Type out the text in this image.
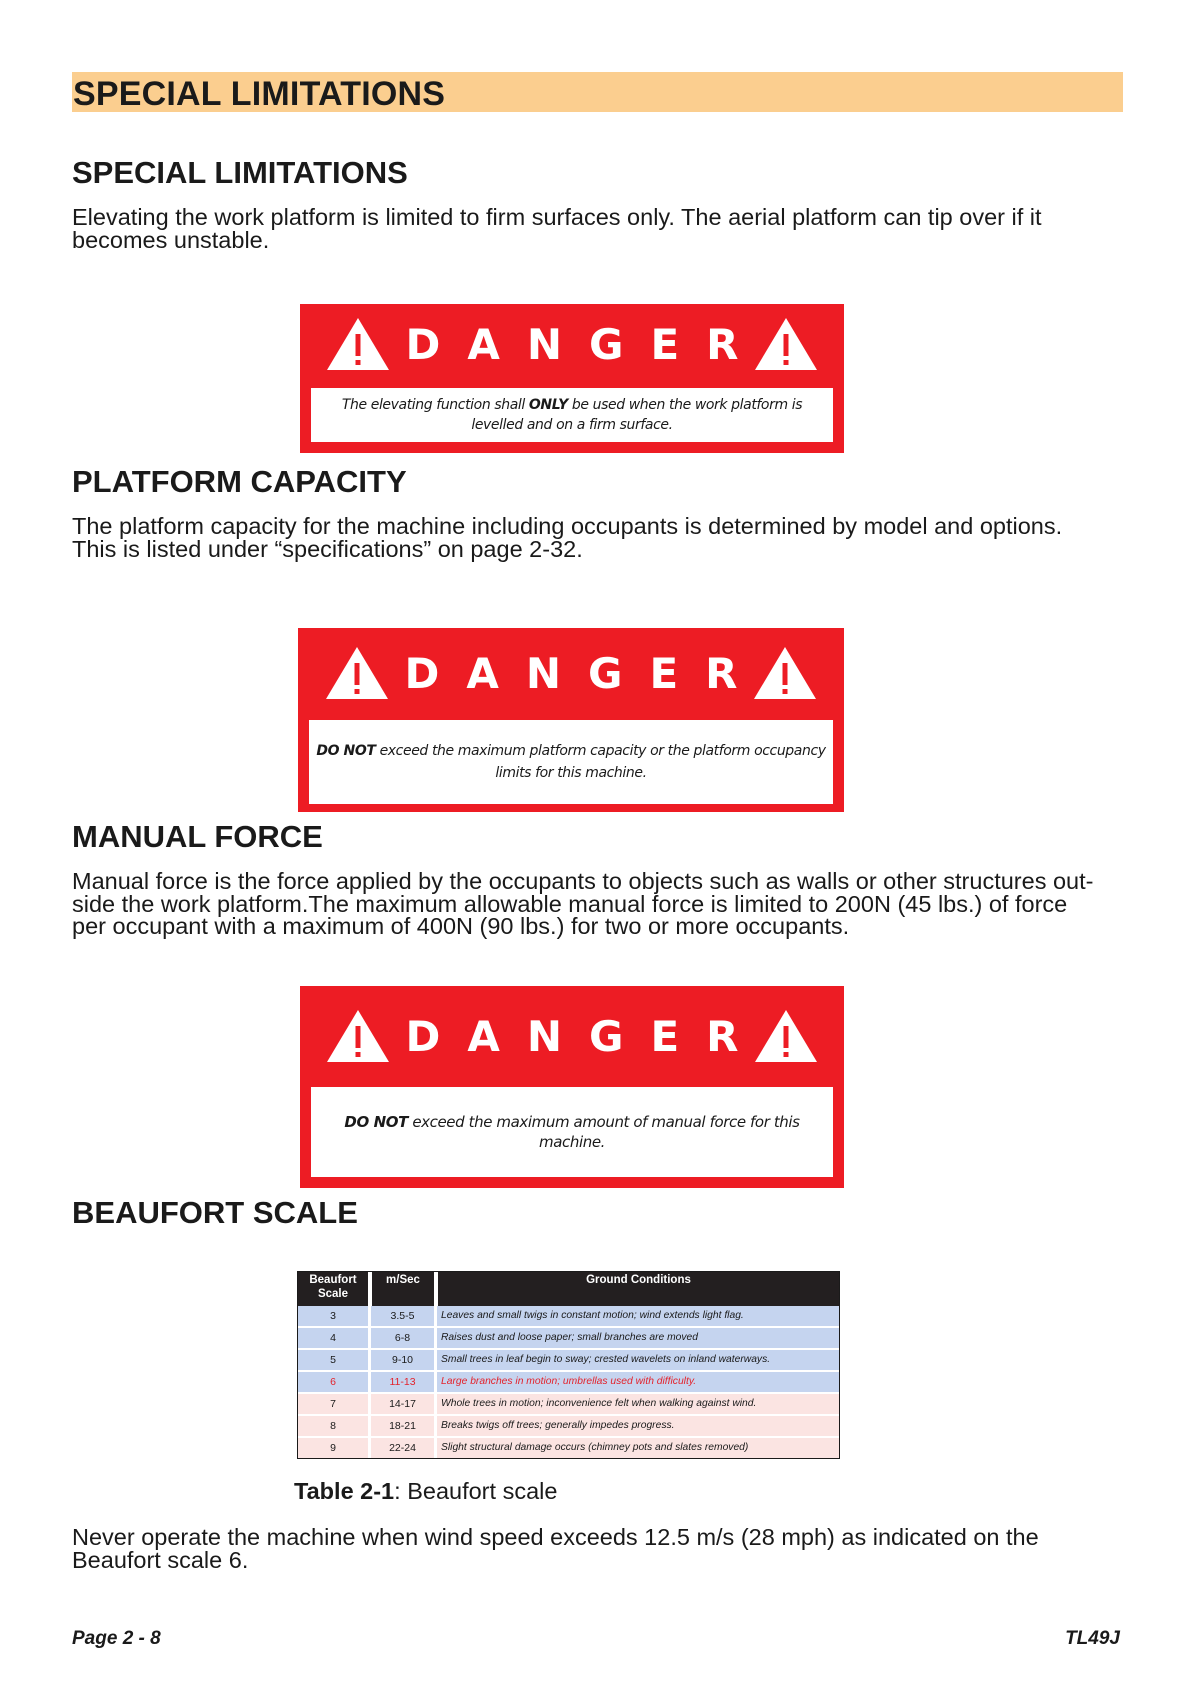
SPECIAL LIMITATIONS
SPECIAL LIMITATIONS
Elevating the work platform is limited to firm surfaces only. The aerial platform can tip over if it
becomes unstable.
DANGER
The elevating function shall ONLY be used when the work platform is
levelled and on a firm surface.
PLATFORM CAPACITY
The platform capacity for the machine including occupants is determined by model and options.
This is listed under “specifications” on page 2-32.
DANGER
DO NOT exceed the maximum platform capacity or the platform occupancy
limits for this machine.
MANUAL FORCE
Manual force is the force applied by the occupants to objects such as walls or other structures out-
side the work platform.The maximum allowable manual force is limited to 200N (45 lbs.) of force
per occupant with a maximum of 400N (90 lbs.) for two or more occupants.
DANGER
DO NOT exceed the maximum amount of manual force for this machine.
BEAUFORT SCALE
Beaufort
Scale	m/Sec	Ground Conditions
3	3.5-5	Leaves and small twigs in constant motion; wind extends light flag.
4	6-8	Raises dust and loose paper; small branches are moved
5	9-10	Small trees in leaf begin to sway; crested wavelets on inland waterways.
6	11-13	Large branches in motion; umbrellas used with difficulty.
7	14-17	Whole trees in motion; inconvenience felt when walking against wind.
8	18-21	Breaks twigs off trees; generally impedes progress.
9	22-24	Slight structural damage occurs (chimney pots and slates removed)

Table 2-1: Beaufort scale

Never operate the machine when wind speed exceeds 12.5 m/s (28 mph) as indicated on the
Beaufort scale 6.

Page 2 - 8	TL49J
